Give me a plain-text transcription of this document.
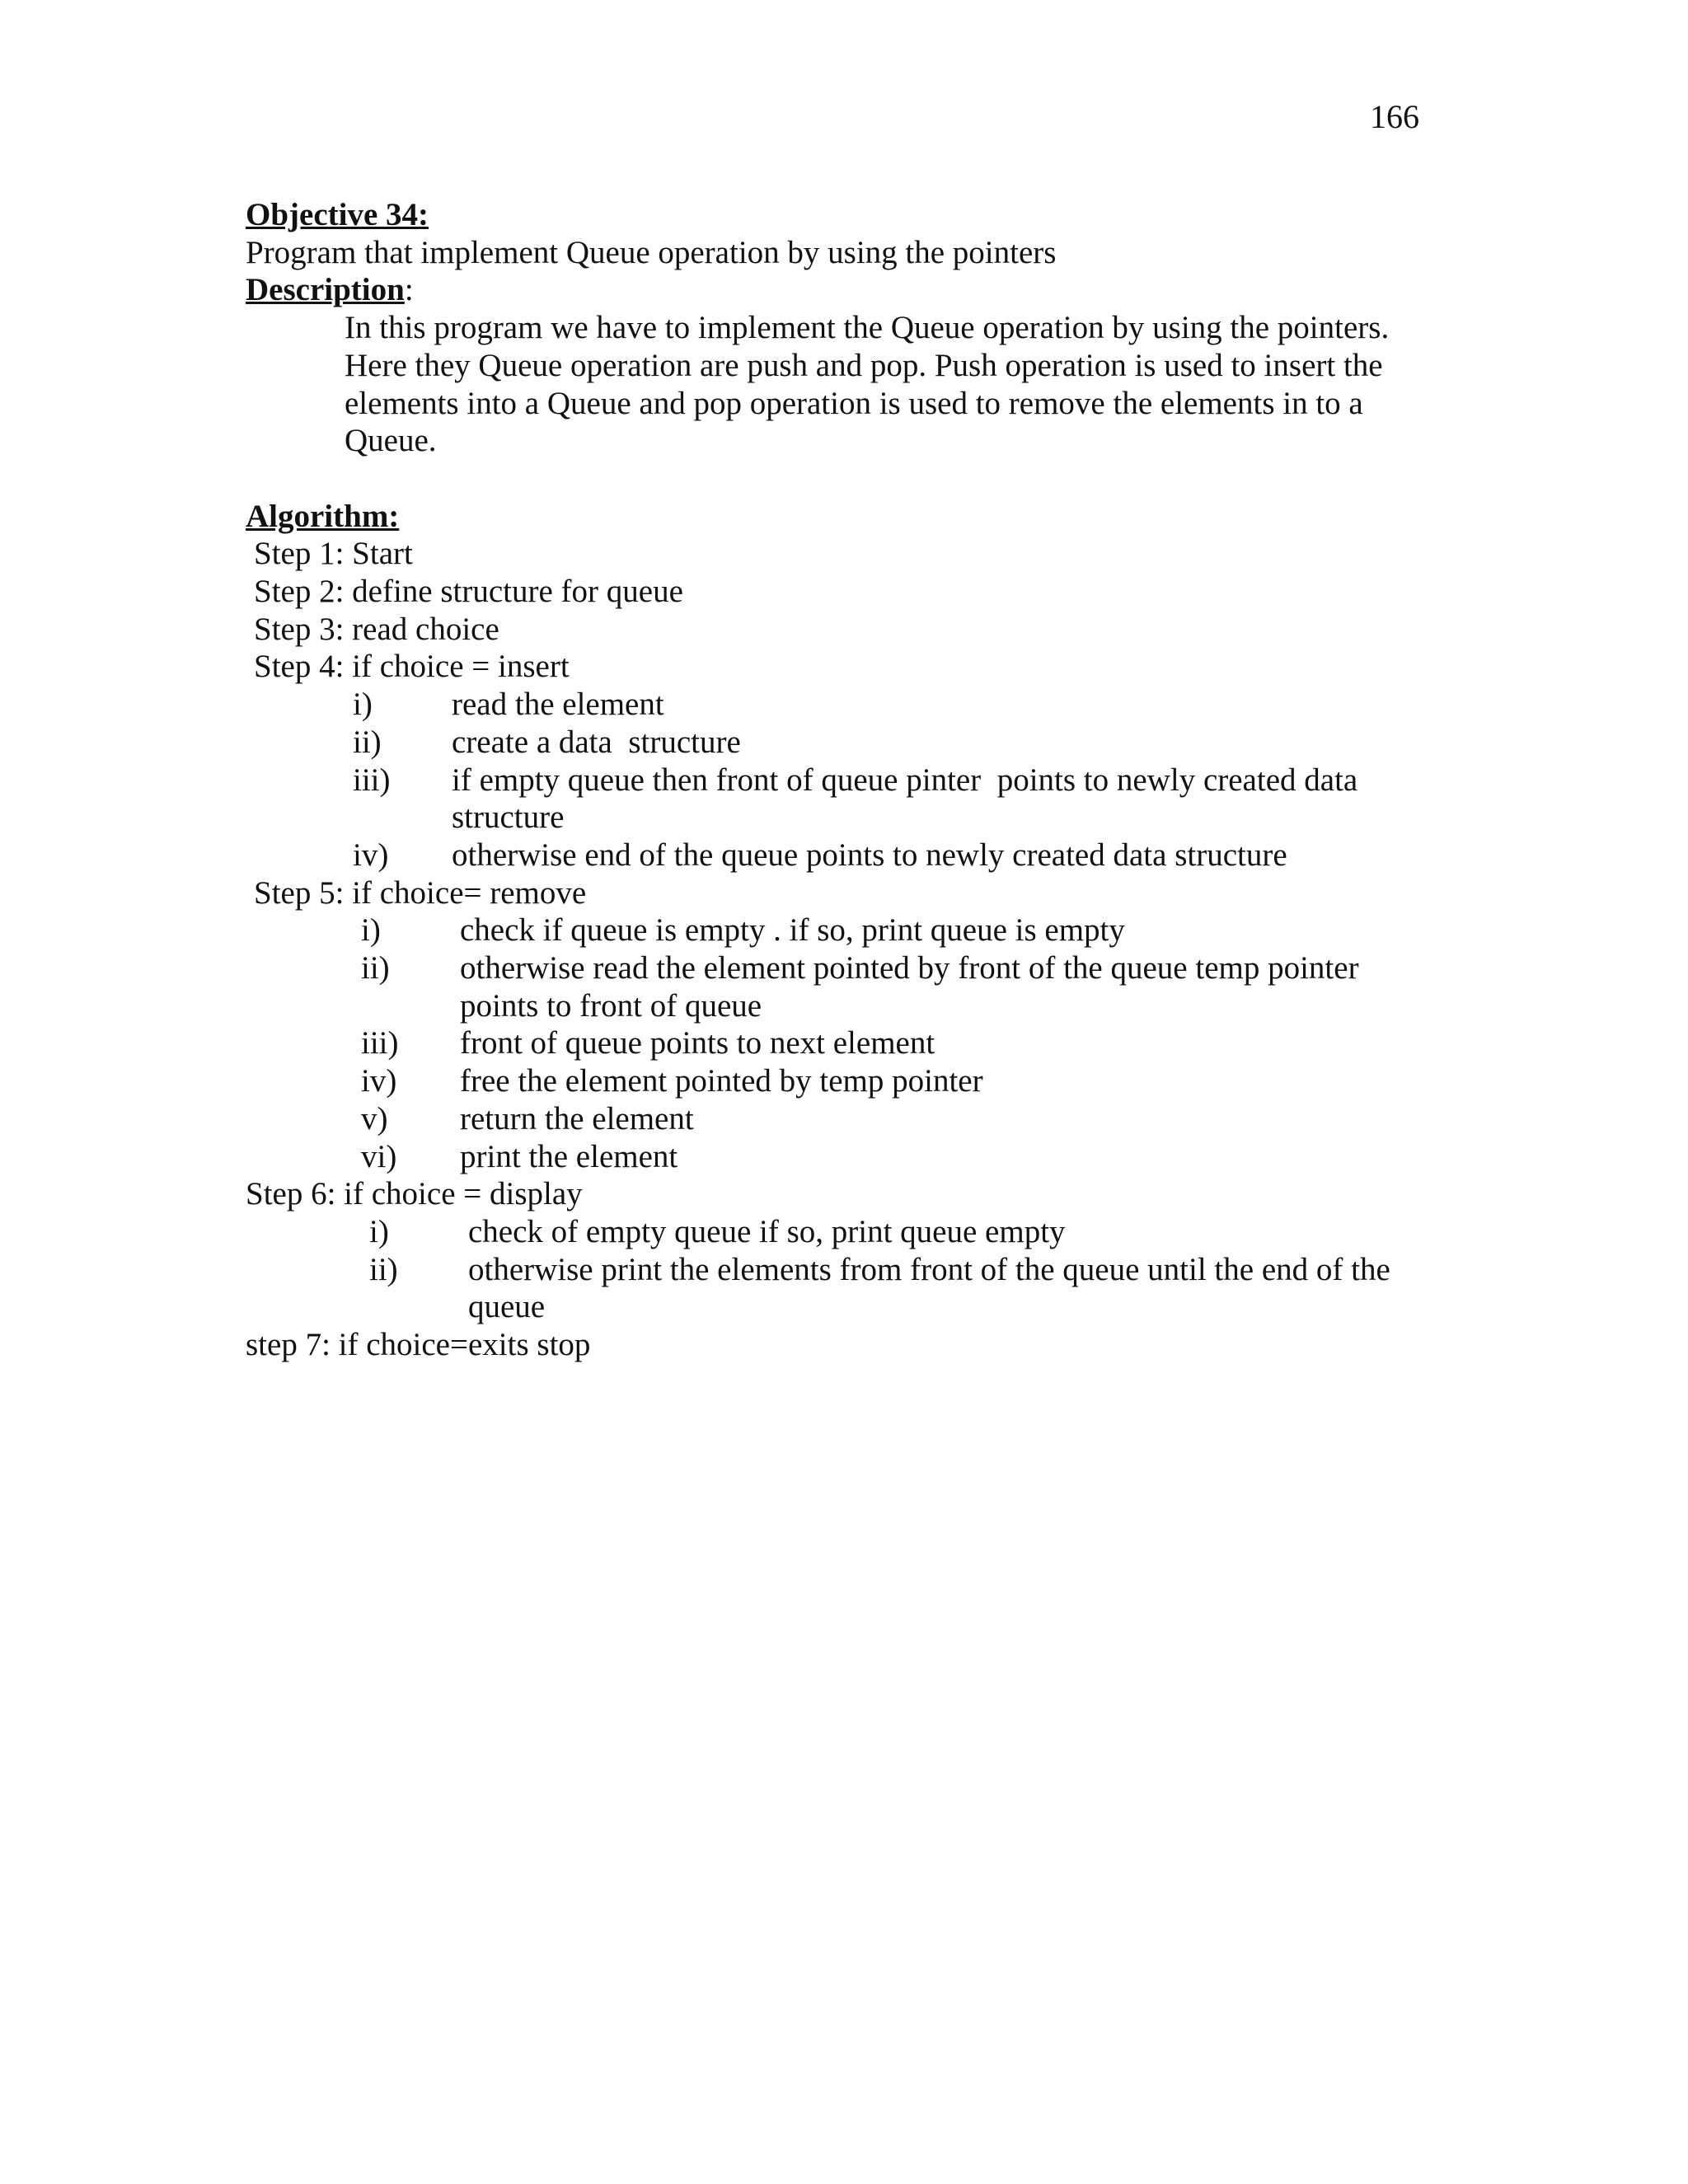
166
Objective 34:
Program that implement Queue operation by using the pointers
Description:
In this program we have to implement the Queue operation by using the pointers.
Here they Queue operation are push and pop. Push operation is used to insert the
elements into a Queue and pop operation is used to remove the elements in to a
Queue.
Algorithm:
Step 1: Start
Step 2: define structure for queue
Step 3: read choice
Step 4: if choice = insert
i) read the element
ii) create a data  structure
iii) if empty queue then front of queue pinter  points to newly created data
structure
iv) otherwise end of the queue points to newly created data structure
Step 5: if choice= remove
i) check if queue is empty . if so, print queue is empty
ii) otherwise read the element pointed by front of the queue temp pointer
points to front of queue
iii) front of queue points to next element
iv) free the element pointed by temp pointer
v) return the element
vi) print the element
Step 6: if choice = display
i) check of empty queue if so, print queue empty
ii) otherwise print the elements from front of the queue until the end of the
queue
step 7: if choice=exits stop
